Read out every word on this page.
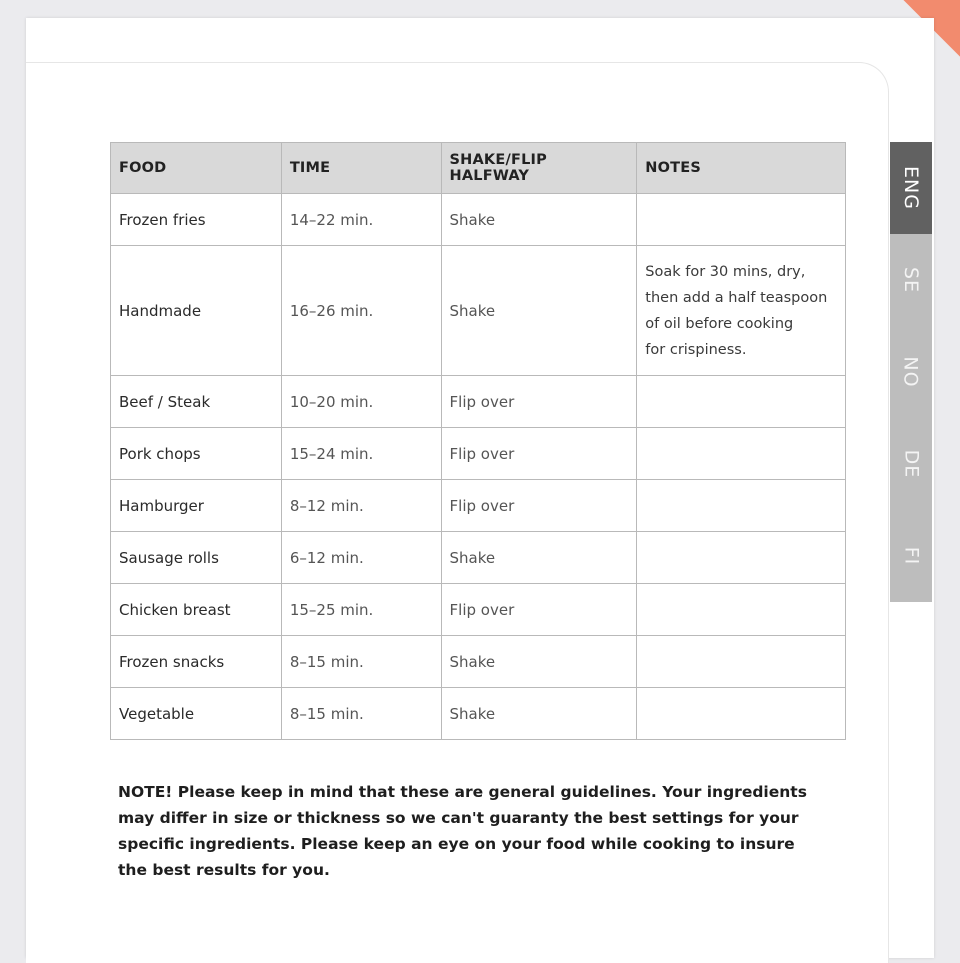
ENG
SE
NO
DE
FI
FOOD	TIME	SHAKE/FLIP HALFWAY	NOTES
Frozen fries	14–22 min.	Shake	
Handmade	16–26 min.	Shake	Soak for 30 mins, dry,
then add a half teaspoon
of oil before cooking
for crispiness.

Beef / Steak	10–20 min.	Flip over	
Pork chops	15–24 min.	Flip over	
Hamburger	8–12 min.	Flip over	
Sausage rolls	6–12 min.	Shake	
Chicken breast	15–25 min.	Flip over	
Frozen snacks	8–15 min.	Shake	
Vegetable	8–15 min.	Shake	
NOTE! Please keep in mind that these are general guidelines. Your ingredients
may differ in size or thickness so we can't guaranty the best settings for your
specific ingredients. Please keep an eye on your food while cooking to insure
the best results for you.
